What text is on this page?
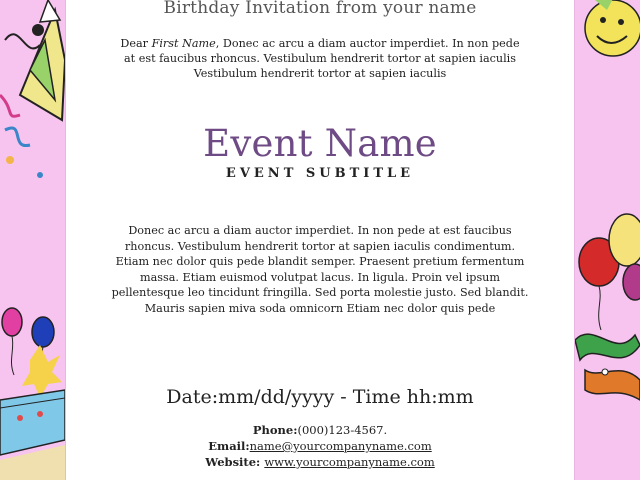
Birthday Invitation from your name
Dear First Name, Donec ac arcu a diam auctor imperdiet. In non pede at est faucibus rhoncus. Vestibulum hendrerit tortor at sapien iaculis Vestibulum hendrerit tortor at sapien iaculis
Event Name
EVENT SUBTITLE
Donec ac arcu a diam auctor imperdiet. In non pede at est faucibus rhoncus. Vestibulum hendrerit tortor at sapien iaculis condimentum. Etiam nec dolor quis pede blandit semper. Praesent pretium fermentum massa. Etiam euismod volutpat lacus. In ligula. Proin vel ipsum pellentesque leo tincidunt fringilla. Sed porta molestie justo. Sed blandit. Mauris sapien miva soda omnicorn Etiam nec dolor quis pede
Date:mm/dd/yyyy - Time hh:mm
Phone:(000)123-4567.
Email:name@yourcompanyname.com
Website: www.yourcompanyname.com
